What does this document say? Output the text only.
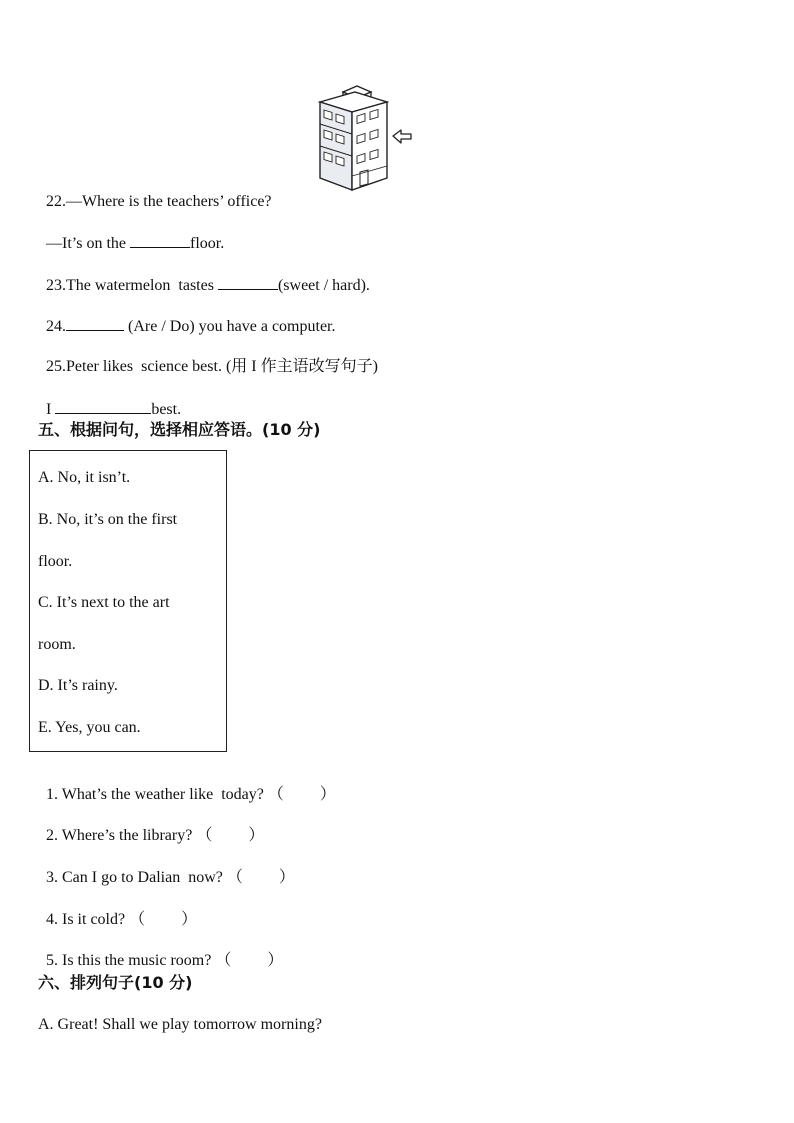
22.—Where is the teachers’ office?

—It’s on the	floor.

23.The watermelon  tastes	(sweet / hard).

24.	(Are / Do) you have a computer.

25.Peter likes  science best. (用 I 作主语改写句子)

I	best.

五、根据问句，选择相应答语。(10 分)
A. No, it isn’t.
B. No, it’s on the first
floor.
C. It’s next to the art
room.
D. It’s rainy.
E. Yes, you can.

1. What’s the weather like  today? （ ）

2. Where’s the library? （ ）

3. Can I go to Dalian  now? （ ）

4. Is it cold? （ ）

5. Is this the music room? （ ）

六、排列句子(10 分)
A. Great! Shall we play tomorrow morning?
